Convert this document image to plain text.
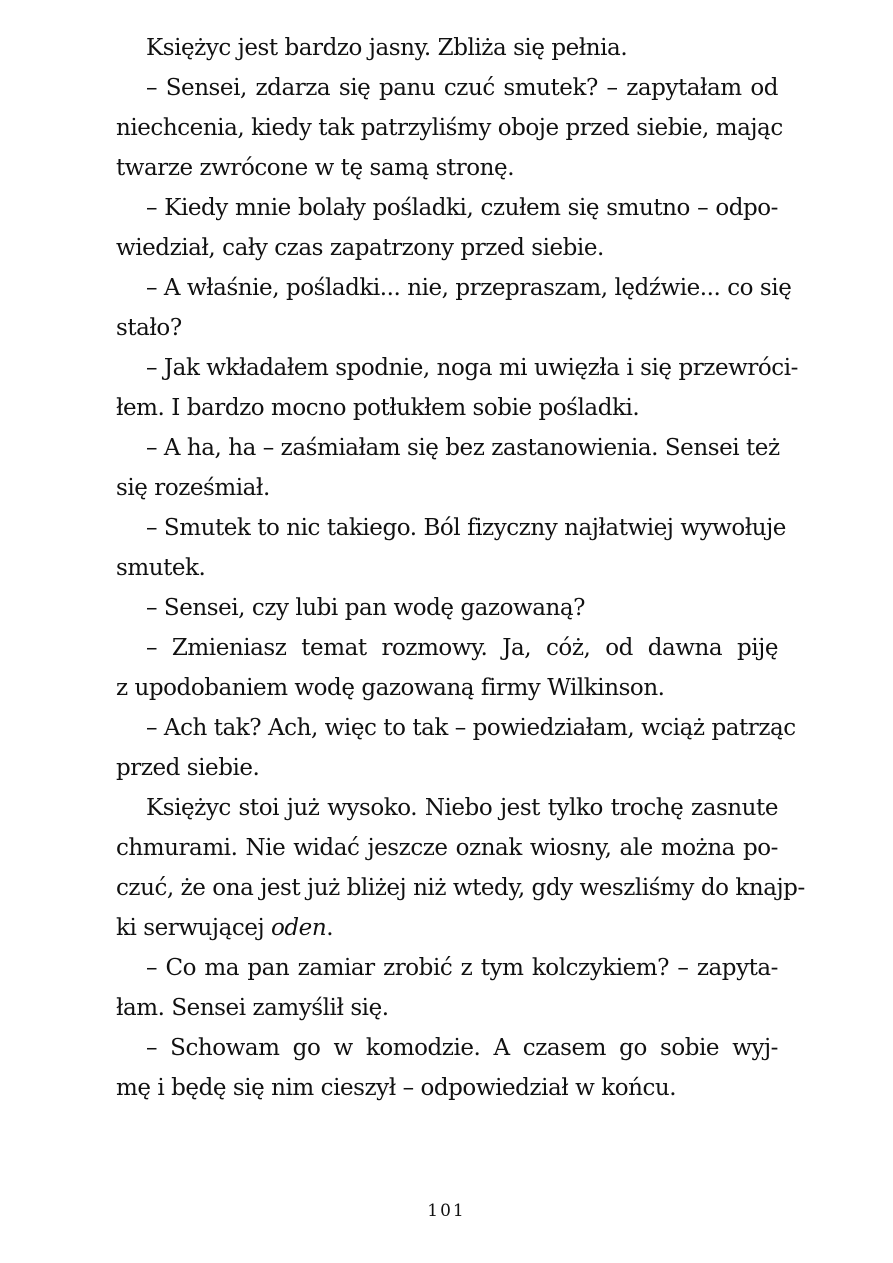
Księżyc jest bardzo jasny. Zbliża się pełnia.
– Sensei, zdarza się panu czuć smutek? – zapytałam od
niechcenia, kiedy tak patrzyliśmy oboje przed siebie, mając
twarze zwrócone w tę samą stronę.
– Kiedy mnie bolały pośladki, czułem się smutno – odpo-
wiedział, cały czas zapatrzony przed siebie.
– A właśnie, pośladki... nie, przepraszam, lędźwie... co się
stało?
– Jak wkładałem spodnie, noga mi uwięzła i się przewróci-
łem. I bardzo mocno potłukłem sobie pośladki.
– A ha, ha – zaśmiałam się bez zastanowienia. Sensei też
się roześmiał.
– Smutek to nic takiego. Ból fizyczny najłatwiej wywołuje
smutek.
– Sensei, czy lubi pan wodę gazowaną?
– Zmieniasz temat rozmowy. Ja, cóż, od dawna piję
z upodobaniem wodę gazowaną firmy Wilkinson.
– Ach tak? Ach, więc to tak – powiedziałam, wciąż patrząc
przed siebie.
Księżyc stoi już wysoko. Niebo jest tylko trochę zasnute
chmurami. Nie widać jeszcze oznak wiosny, ale można po-
czuć, że ona jest już bliżej niż wtedy, gdy weszliśmy do knajp-
ki serwującej oden.
– Co ma pan zamiar zrobić z tym kolczykiem? – zapyta-
łam. Sensei zamyślił się.
– Schowam go w komodzie. A czasem go sobie wyj-
mę i będę się nim cieszył – odpowiedział w końcu.
101
